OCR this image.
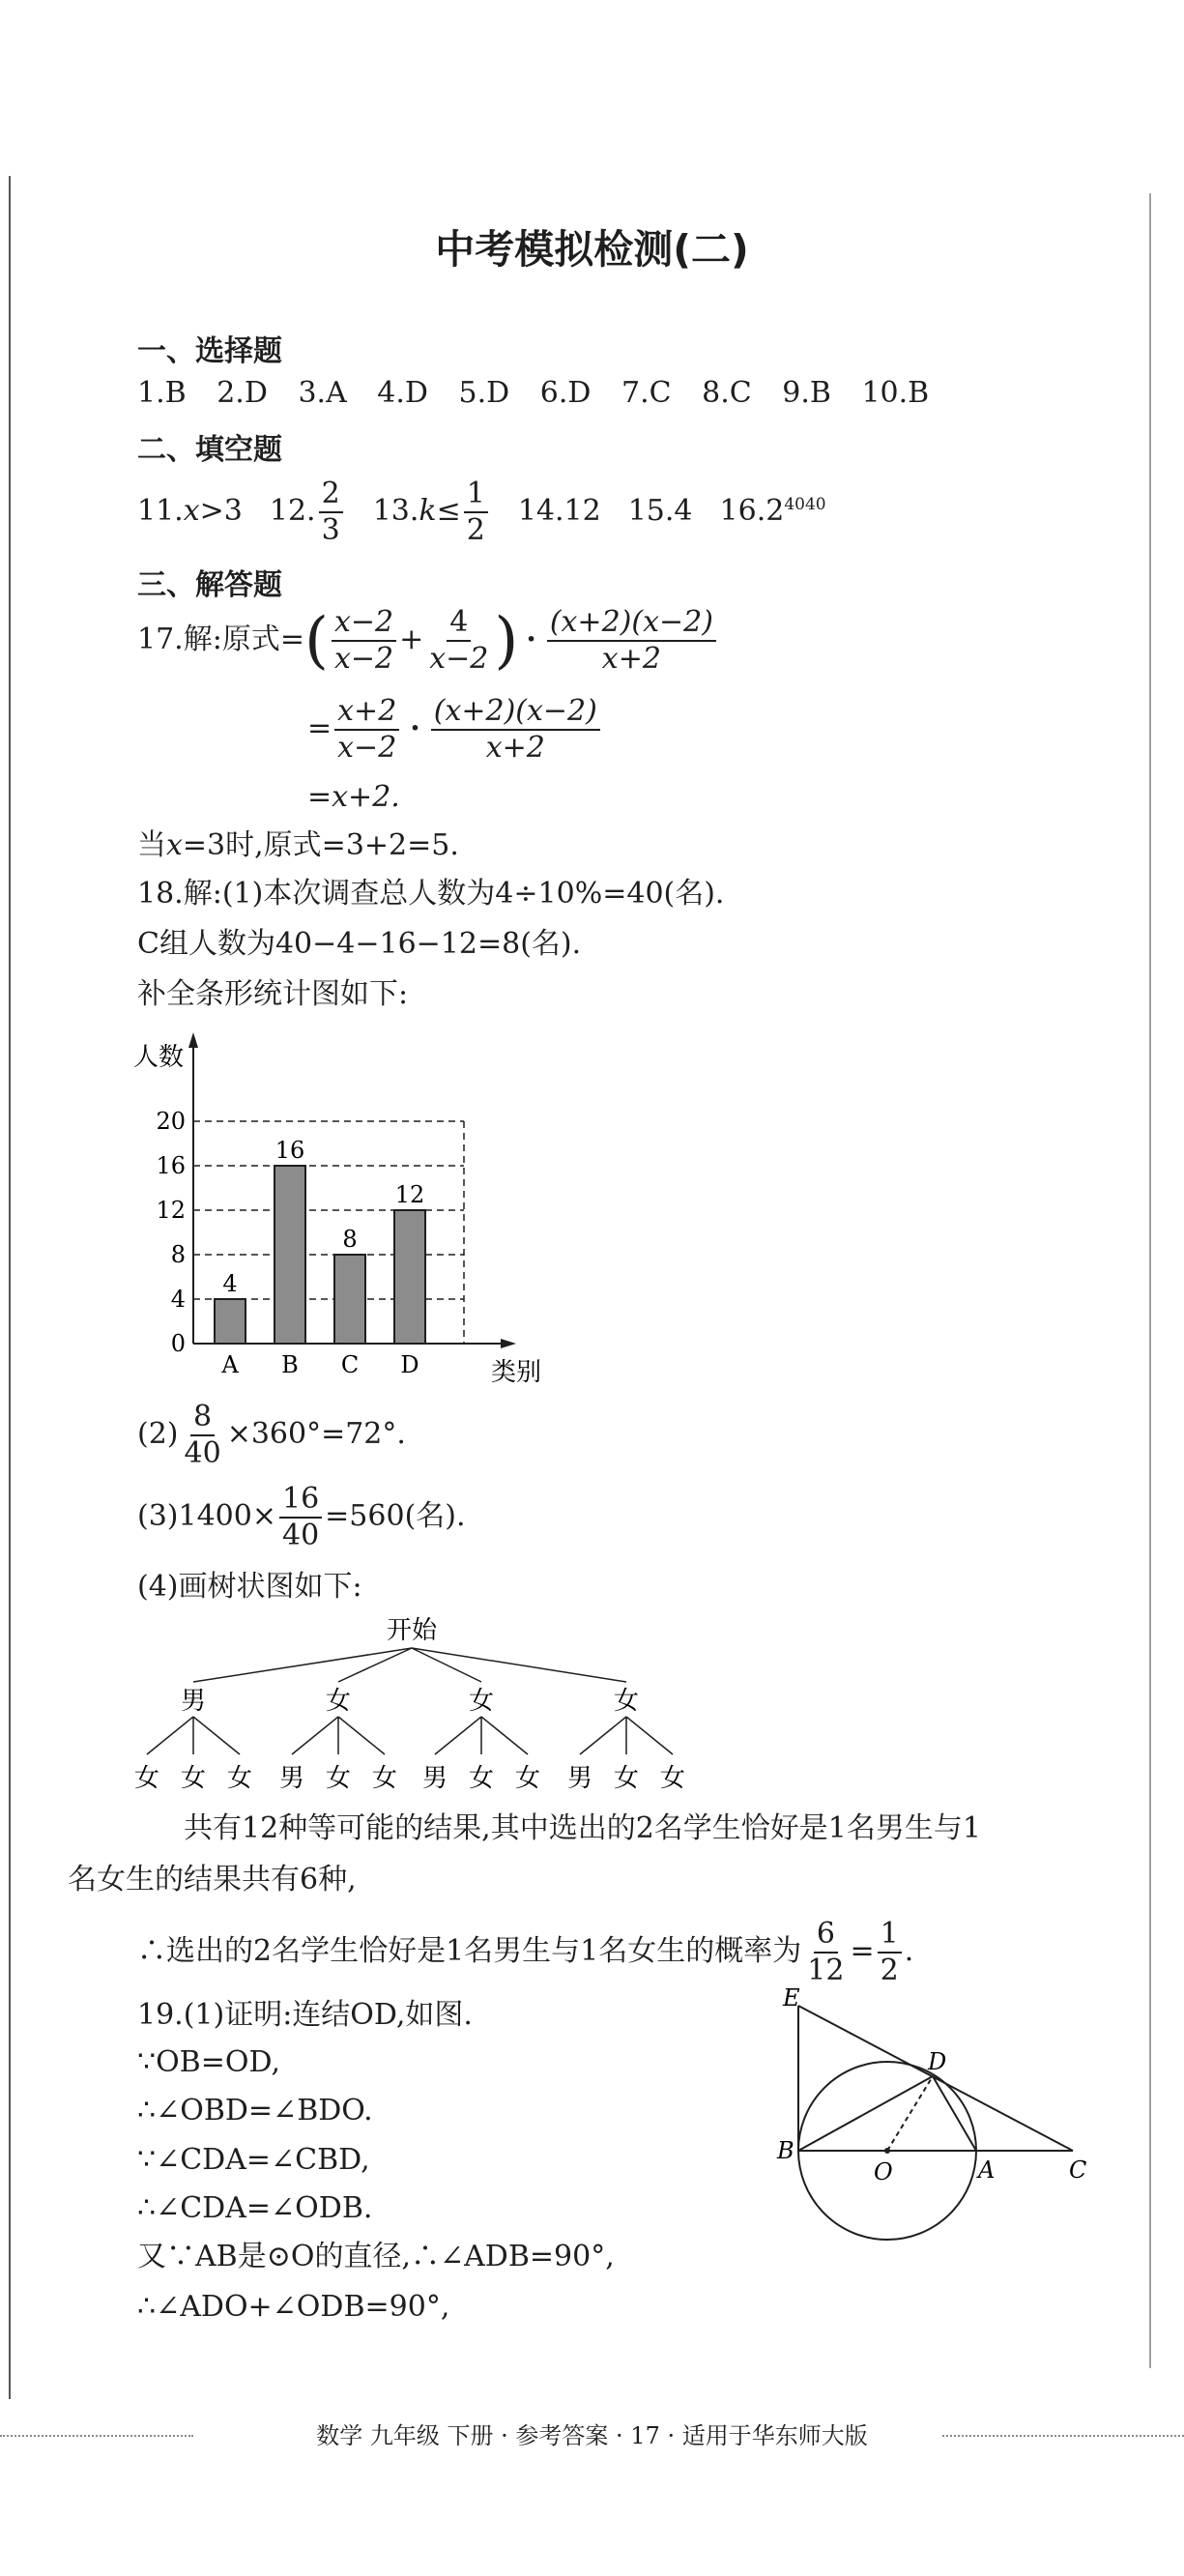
中考模拟检测(二)
一、选择题
1.B 2.D 3.A 4.D 5.D 6.D 7.C 8.C 9.B 10.B
二、填空题
11.x>3 12. $\frac{2}{3} 13$. $k \le \frac{1}{2} 14.12$ 15.4 $16.2^{4040}$
三、解答题
17.解:原式= ( $\frac{x-2}{x-2} + \frac{4}{x-2}$ ) · $\frac{(x+2)(x-2)}{x+2}$
= $\frac{x+2}{x-2} \cdot \frac{(x+2)(x-2)}{x+2}$
=x+2.
当x=3时,原式=3+2=5.
18.解:(1)本次调查总人数为4÷10%=40(名).
C组人数为40−4−16−12=8(名).
补全条形统计图如下:
0
4
8
12
16
20
人数
类别
4
A
16
B
8
C
12
D
$(2) \frac{8}{40} \times 360^\circ=72^\circ$.
$(3)1400\times \frac{16}{40} =560$(名).
(4)画树状图如下:
开始
男
女 女 女
女
男 女 女
女
男 女 女
女
男 女 女
共有12种等可能的结果,其中选出的2名学生恰好是1名男生与1
名女生的结果共有6种,
∴选出的2名学生恰好是1名男生与1名女生的概率为 $\frac{6}{12} = \frac{1}{2}$ .
19.(1)证明:连结OD,如图.
∵OB=OD,
∴∠OBD=∠BDO.
∵∠CDA=∠CBD,
∴∠CDA=∠ODB.
又∵AB是⊙O的直径,∴∠ADB=90°,
∴∠ADO+∠ODB=90°,
E
D
B
O	A	C
数学 九年级 下册 · 参考答案 · 17 · 适用于华东师大版
